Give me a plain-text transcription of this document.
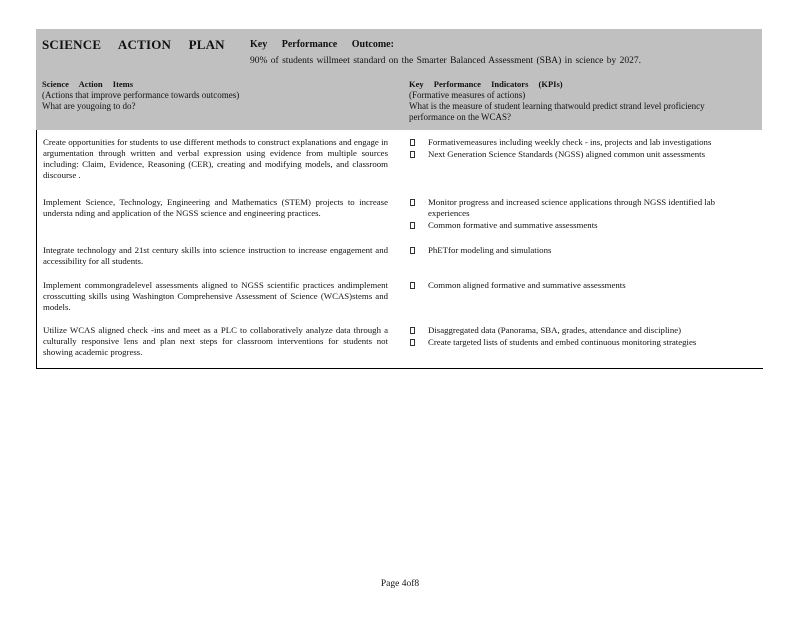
SCIENCE ACTION PLAN	Key Performance Outcome:
90% of students willmeet standard on the Smarter Balanced Assessment (SBA) in science by 2027.
Science Action Items
(Actions that improve performance towards outcomes)
What are yougoing to do?
Key Performance Indicators (KPIs)
(Formative measures of actions)
What is the measure of student learning thatwould predict strand level proficiency performance on the WCAS?
Create opportunities for students to use different methods to construct explanations and engage in argumentation through written and verbal expression using evidence from multiple sources including: Claim, Evidence, Reasoning (CER), creating and modifying models, and classroom discourse .
Formativemeasures including weekly check - ins, projects and lab investigations
Next Generation Science Standards (NGSS) aligned common unit assessments
Implement Science, Technology, Engineering and Mathematics (STEM) projects to increase understa nding and application of the NGSS science and engineering practices.
Monitor progress and increased science applications through NGSS identified lab experiences
Common formative and summative assessments
Integrate technology and 21st century skills into science instruction to increase engagement and accessibility for all students.
PhETfor modeling and simulations
Implement commongradelevel assessments aligned to NGSS scientific practices andimplement crosscutting skills using Washington Comprehensive Assessment of Science (WCAS)stems and models.
Common aligned formative and summative assessments
Utilize WCAS aligned check -ins and meet as a PLC to collaboratively analyze data through a culturally responsive lens and plan next steps for classroom interventions for students not showing academic progress.
Disaggregated data (Panorama, SBA, grades, attendance and discipline)
Create targeted lists of students and embed continuous monitoring strategies
Page 4of8
